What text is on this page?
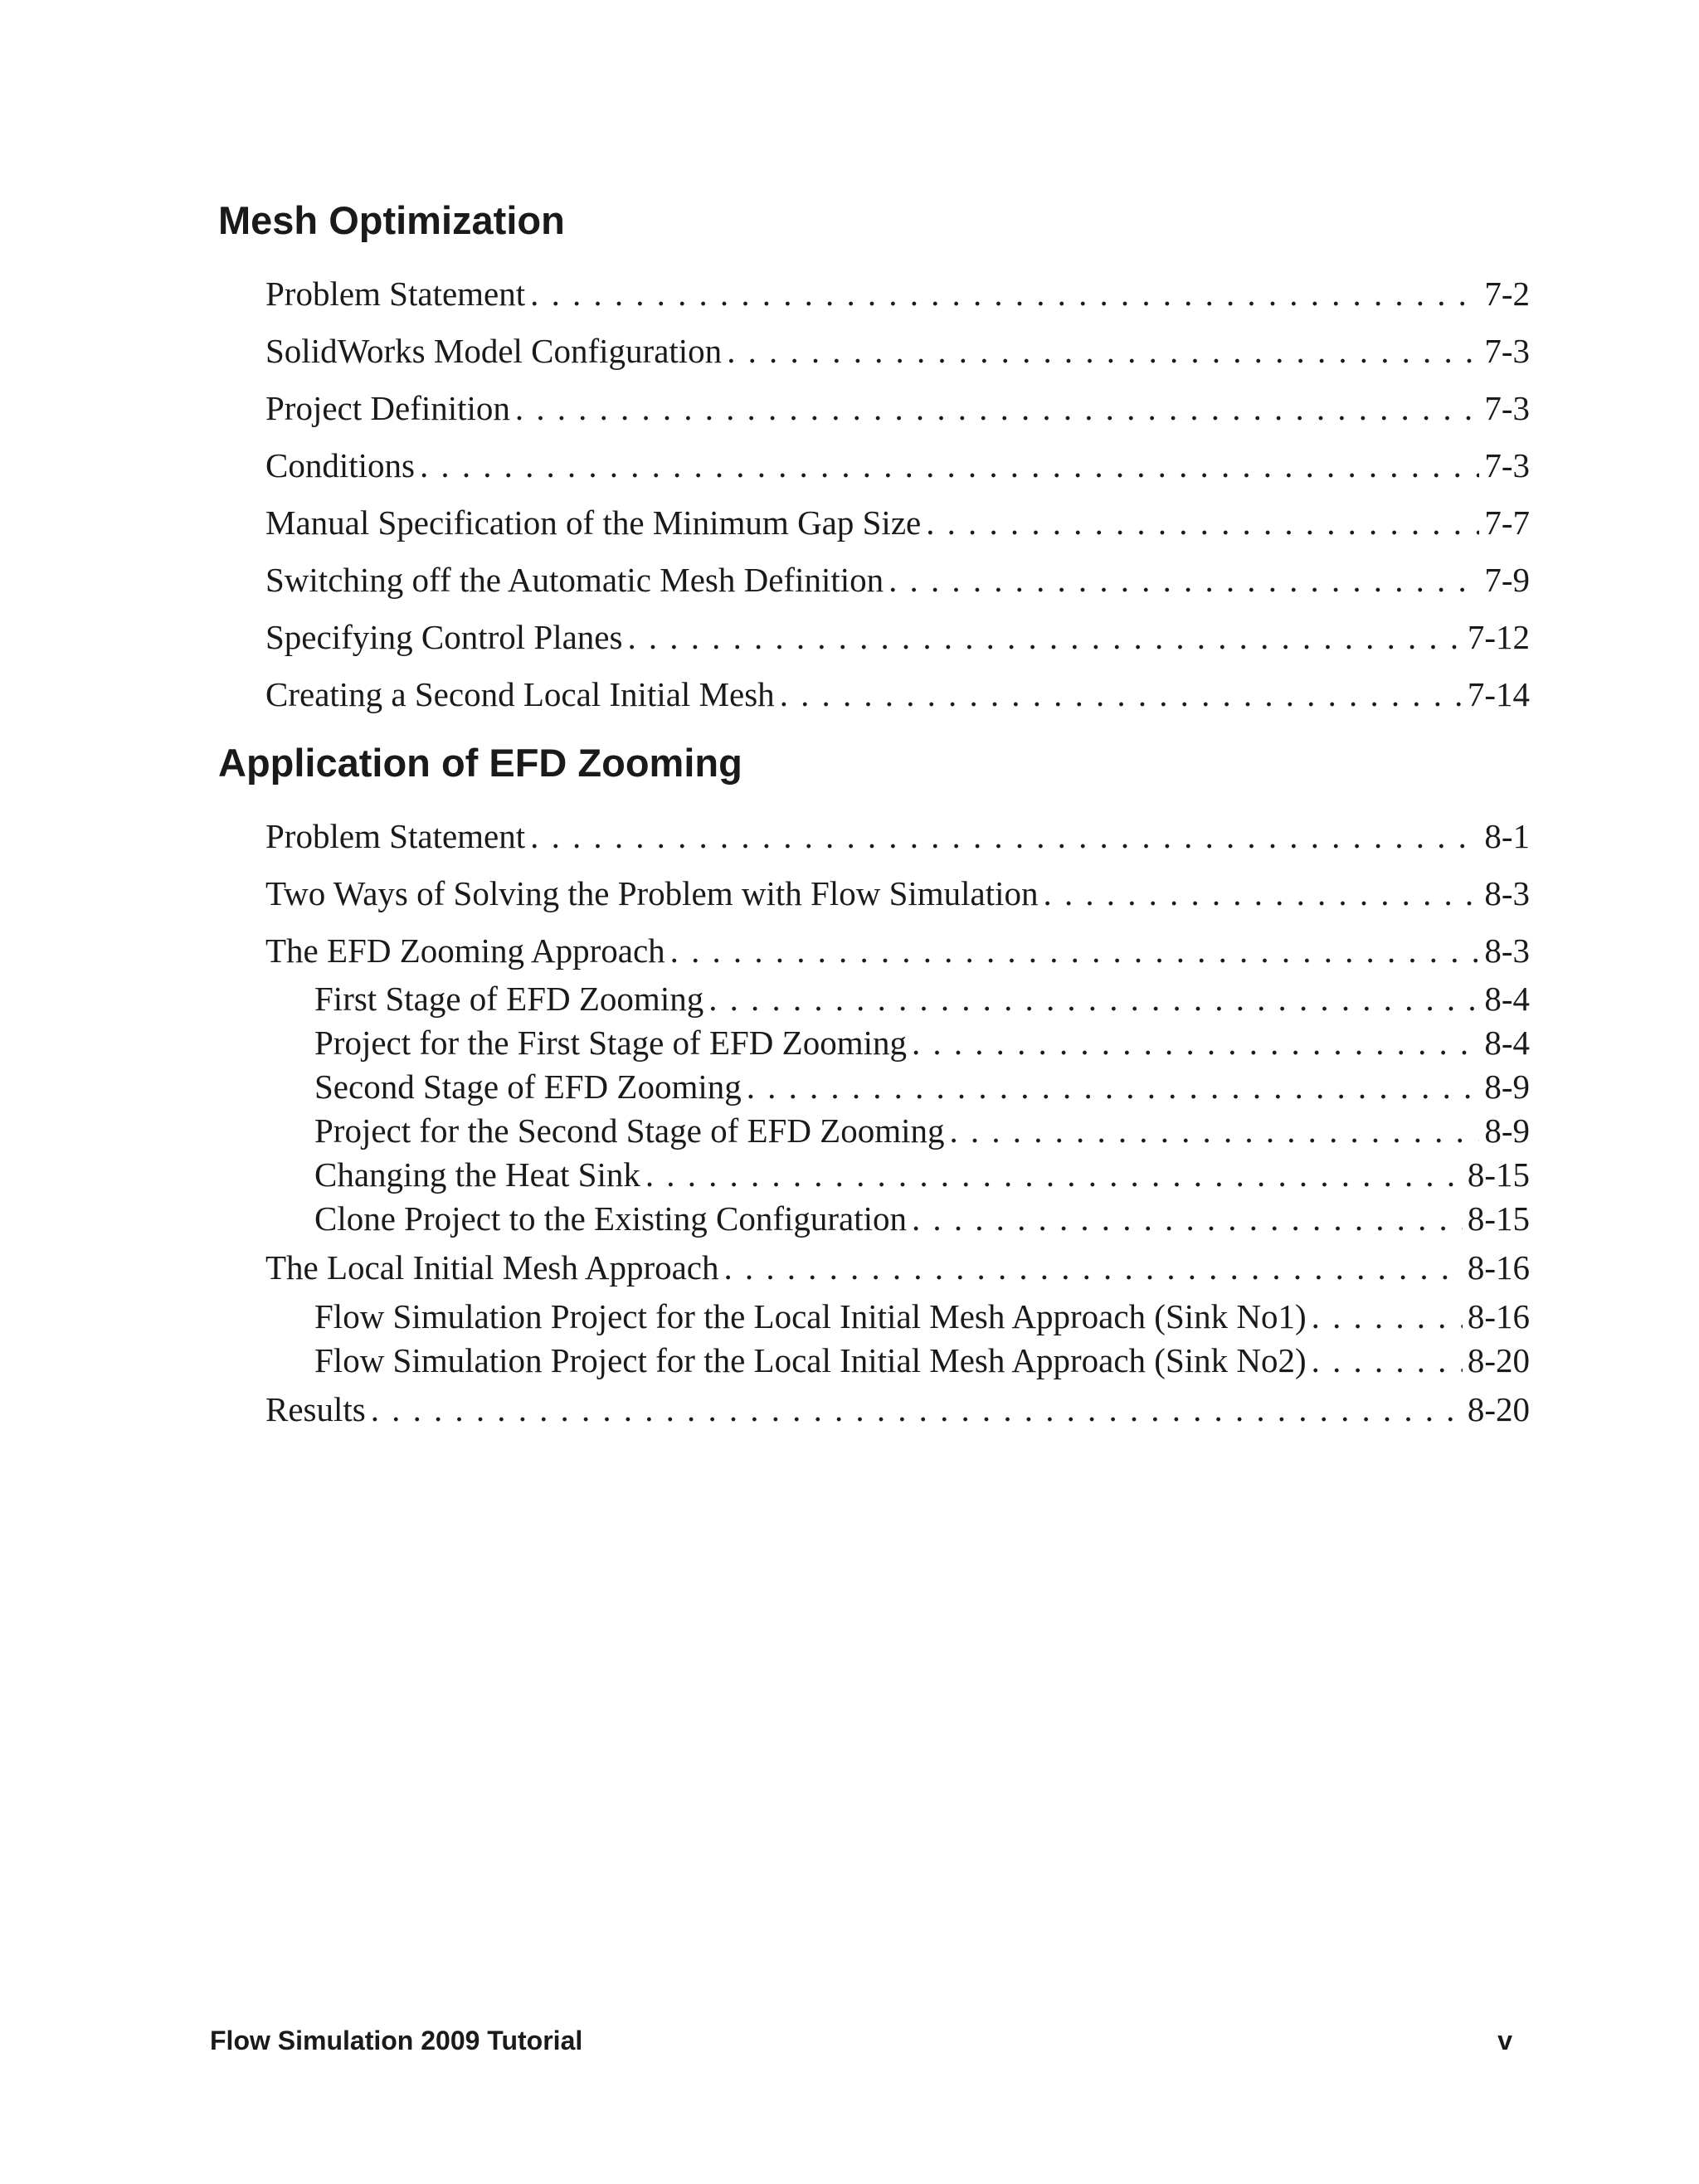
Mesh Optimization
Problem Statement . . .	7-2
SolidWorks Model Configuration . . .	7-3
Project Definition . . .	7-3
Conditions . . .	7-3
Manual Specification of the Minimum Gap Size . . .	7-7
Switching off the Automatic Mesh Definition . . .	7-9
Specifying Control Planes . . .	7-12
Creating a Second Local Initial Mesh . . .	7-14
Application of EFD Zooming
Problem Statement . . .	8-1
Two Ways of Solving the Problem with Flow Simulation . . .	8-3
The EFD Zooming Approach . . .	8-3
First Stage of EFD Zooming . . .	8-4
Project for the First Stage of EFD Zooming . . .	8-4
Second Stage of EFD Zooming . . .	8-9
Project for the Second Stage of EFD Zooming . . .	8-9
Changing the Heat Sink . . .	8-15
Clone Project to the Existing Configuration . . .	8-15
The Local Initial Mesh Approach . . .	8-16
Flow Simulation Project for the Local Initial Mesh Approach (Sink No1) . . .	8-16
Flow Simulation Project for the Local Initial Mesh Approach (Sink No2) . . .	8-20
Results . . .	8-20
Flow Simulation 2009 Tutorial	v
